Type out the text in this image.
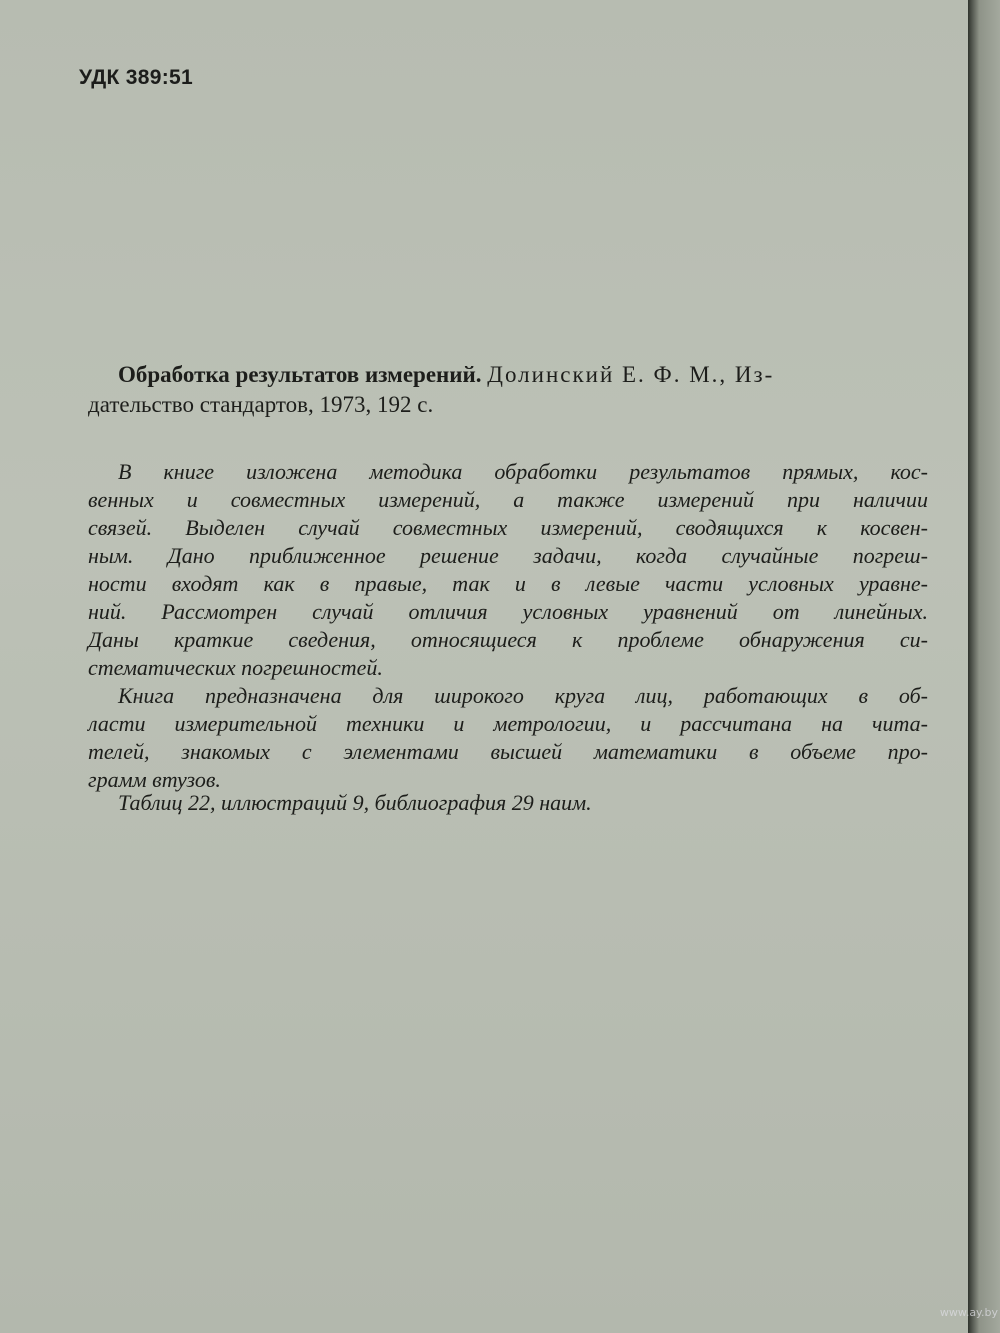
УДК 389:51
Обработка результатов измерений. Долинский Е. Ф. М., Из-
дательство стандартов, 1973, 192 с.
В книге изложена методика обработки результатов прямых, кос-
венных и совместных измерений, а также измерений при наличии
связей. Выделен случай совместных измерений, сводящихся к косвен-
ным. Дано приближенное решение задачи, когда случайные погреш-
ности входят как в правые, так и в левые части условных уравне-
ний. Рассмотрен случай отличия условных уравнений от линейных.
Даны краткие сведения, относящиеся к проблеме обнаружения си-
стематических погрешностей.
Книга предназначена для широкого круга лиц, работающих в об-
ласти измерительной техники и метрологии, и рассчитана на чита-
телей, знакомых с элементами высшей математики в объеме про-
грамм втузов.
Таблиц 22, иллюстраций 9, библиография 29 наим.
www.ay.by
